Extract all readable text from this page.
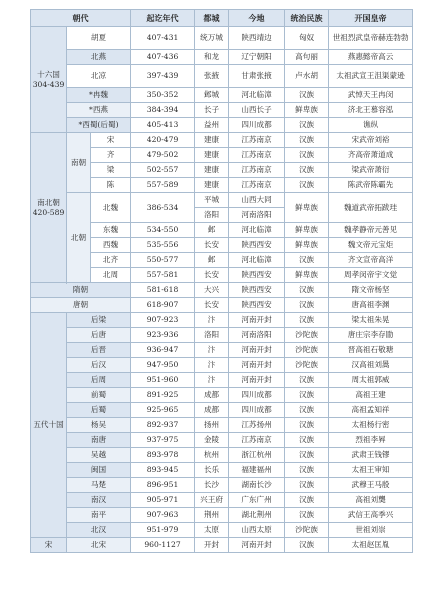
朝代			起讫年代	都城	今地	统治民族	开国皇帝
十六国
304-439	胡夏		407-431	统万城	陕西靖边	匈奴	世祖烈武皇帝赫连勃勃
	北燕		407-436	和龙	辽宁朝阳	高句丽	燕惠懿帝高云
	北凉		397-439	张掖	甘肃张掖	卢水胡	太祖武宣王沮渠蒙逊
	*冉魏		350-352	邺城	河北临漳	汉族	武悼天王冉闵
	*西燕		384-394	长子	山西长子	鲜卑族	济北王慕容泓
	*西蜀(后蜀)		405-413	益州	四川成都	汉族	谯纵
南北朝
420-589	南朝	宋	420-479	建康	江苏南京	汉族	宋武帝刘裕
		齐	479-502	建康	江苏南京	汉族	齐高帝萧道成
		梁	502-557	建康	江苏南京	汉族	梁武帝萧衍
		陈	557-589	建康	江苏南京	汉族	陈武帝陈霸先
	北朝	北魏	386-534	平城	山西大同	鲜卑族	魏道武帝拓跋珪
				洛阳	河南洛阳		
		东魏	534-550	邺	河北临漳	鲜卑族	魏孝静帝元善见
		西魏	535-556	长安	陕西西安	鲜卑族	魏文帝元宝炬
		北齐	550-577	邺	河北临漳	汉族	齐文宣帝高洋
		北周	557-581	长安	陕西西安	鲜卑族	周孝闵帝宇文觉

隋朝			581-618	大兴	陕西西安	汉族	隋文帝杨坚
唐朝			618-907	长安	陕西西安	汉族	唐高祖李渊
五代十国	后梁		907-923	汴	河南开封	汉族	梁太祖朱晃
	后唐		923-936	洛阳	河南洛阳	沙陀族	唐庄宗李存勖
	后晋		936-947	汴	河南开封	沙陀族	晋高祖石敬瑭
	后汉		947-950	汴	河南开封	沙陀族	汉高祖刘暠
	后周		951-960	汴	河南开封	汉族	周太祖郭威
	前蜀		891-925	成都	四川成都	汉族	高祖王建
	后蜀		925-965	成都	四川成都	汉族	高祖孟知祥
	杨吴		892-937	扬州	江苏扬州	汉族	太祖杨行密
	南唐		937-975	金陵	江苏南京	汉族	烈祖李昪
	吴越		893-978	杭州	浙江杭州	汉族	武肃王钱镠
	闽国		893-945	长乐	福建福州	汉族	太祖王审知
	马楚		896-951	长沙	湖南长沙	汉族	武穆王马殷
	南汉		905-971	兴王府	广东广州	汉族	高祖刘龑
	南平		907-963	荆州	湖北荆州	汉族	武信王高季兴
	北汉		951-979	太原	山西太原	沙陀族	世祖刘崇
宋	北宋		960-1127	开封	河南开封	汉族	太祖赵匡胤
